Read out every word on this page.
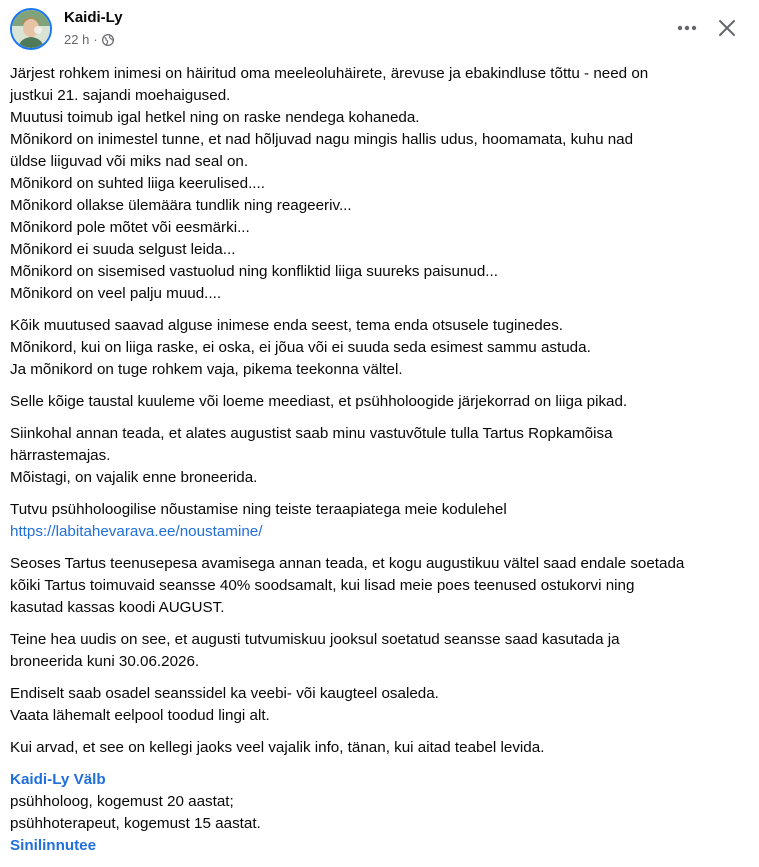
Kaidi-Ly
22 h ·
Järjest rohkem inimesi on häiritud oma meeleoluhäirete, ärevuse ja ebakindluse tõttu - need on
justkui 21. sajandi moehaigused.
Muutusi toimub igal hetkel ning on raske nendega kohaneda.
Mõnikord on inimestel tunne, et nad hõljuvad nagu mingis hallis udus, hoomamata, kuhu nad
üldse liiguvad või miks nad seal on.
Mõnikord on suhted liiga keerulised....
Mõnikord ollakse ülemäära tundlik ning reageeriv...
Mõnikord pole mõtet või eesmärki...
Mõnikord ei suuda selgust leida...
Mõnikord on sisemised vastuolud ning konfliktid liiga suureks paisunud...
Mõnikord on veel palju muud....
Kõik muutused saavad alguse inimese enda seest, tema enda otsusele tuginedes.
Mõnikord, kui on liiga raske, ei oska, ei jõua või ei suuda seda esimest sammu astuda.
Ja mõnikord on tuge rohkem vaja, pikema teekonna vältel.
Selle kõige taustal kuuleme või loeme meediast, et psühholoogide järjekorrad on liiga pikad.
Siinkohal annan teada, et alates augustist saab minu vastuvõtule tulla Tartus Ropkamõisa
härrastemajas.
Mõistagi, on vajalik enne broneerida.
Tutvu psühholoogilise nõustamise ning teiste teraapiatega meie kodulehel
https://labitahevarava.ee/noustamine/
Seoses Tartus teenusepesa avamisega annan teada, et kogu augustikuu vältel saad endale soetada
kõiki Tartus toimuvaid seansse 40% soodsamalt, kui lisad meie poes teenused ostukorvi ning
kasutad kassas koodi AUGUST.
Teine hea uudis on see, et augusti tutvumiskuu jooksul soetatud seansse saad kasutada ja
broneerida kuni 30.06.2026.
Endiselt saab osadel seanssidel ka veebi- või kaugteel osaleda.
Vaata lähemalt eelpool toodud lingi alt.
Kui arvad, et see on kellegi jaoks veel vajalik info, tänan, kui aitad teabel levida.
Kaidi-Ly Välb
psühholoog, kogemust 20 aastat;
psühhoterapeut, kogemust 15 aastat.
Sinilinnutee
